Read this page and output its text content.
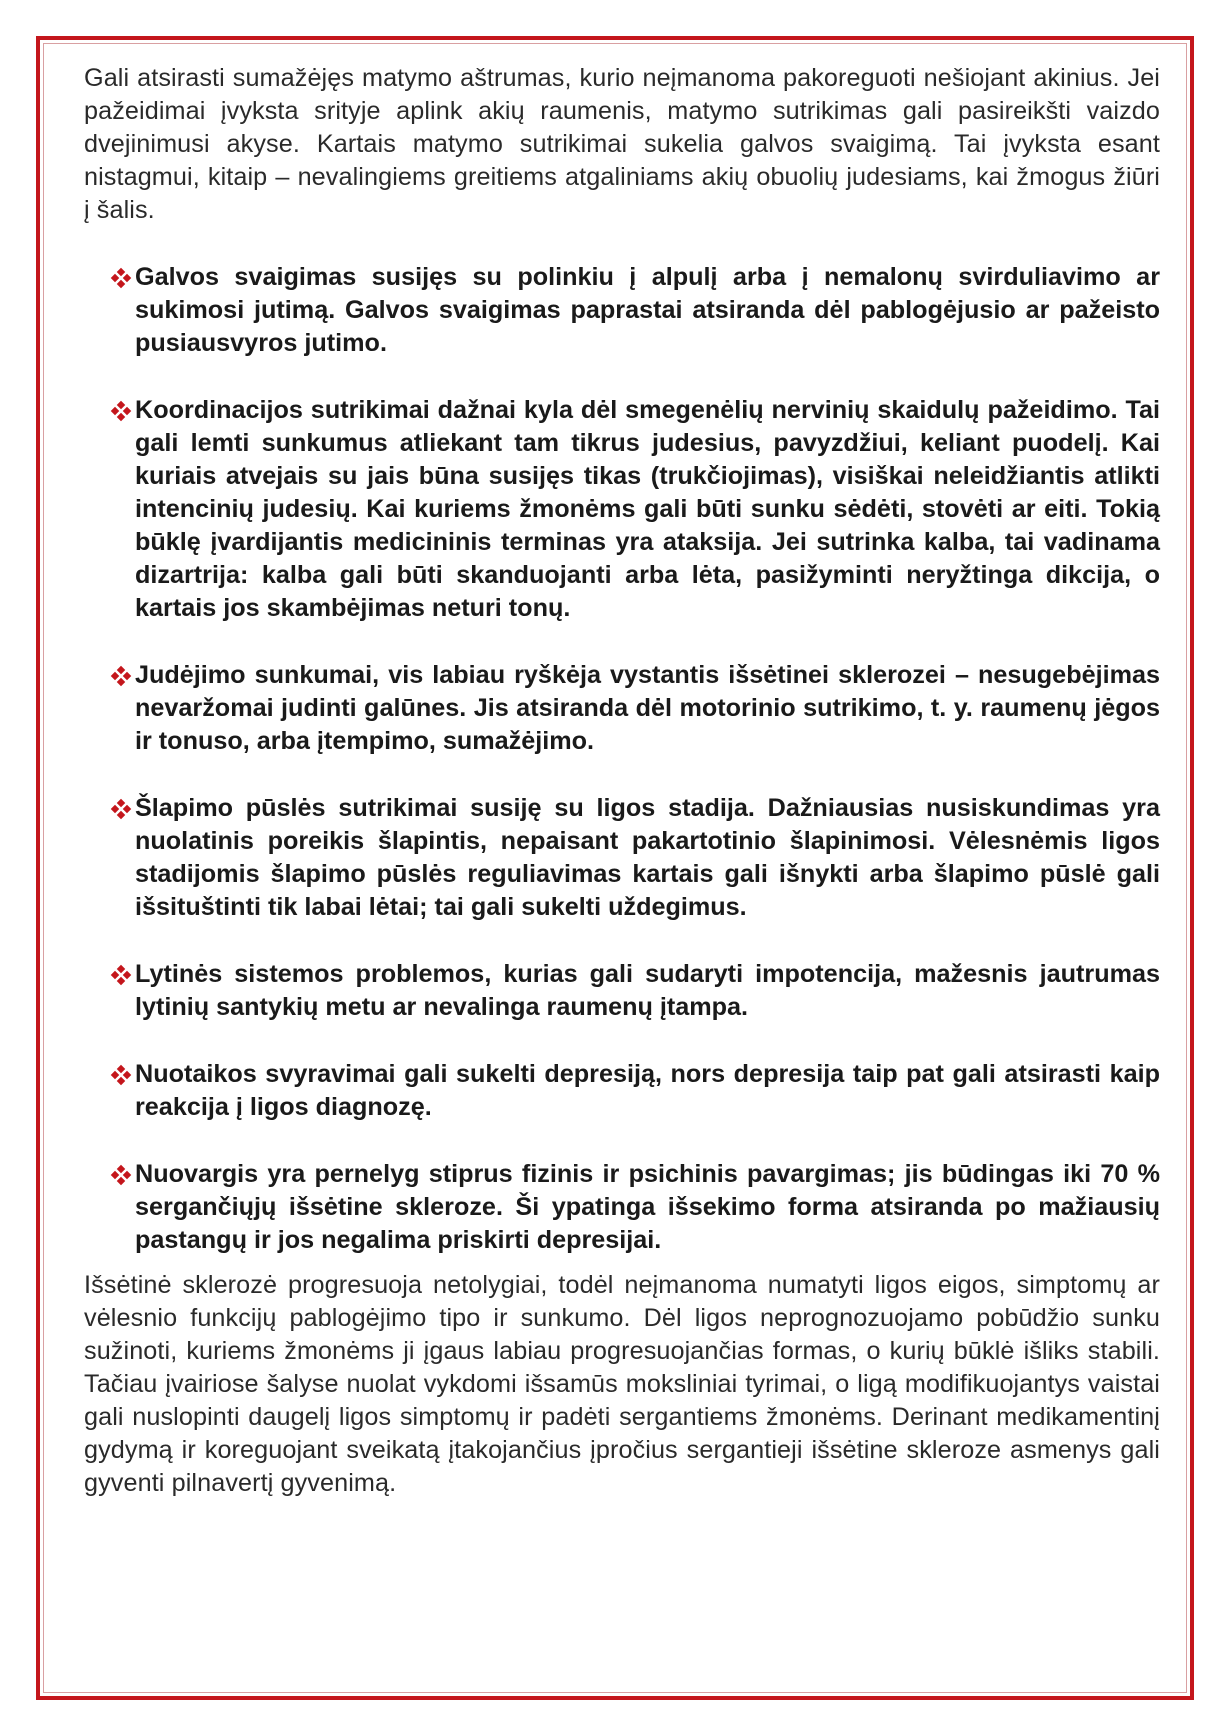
Gali atsirasti sumažėjęs matymo aštrumas, kurio neįmanoma pakoreguoti nešiojant akinius. Jei pažeidimai įvyksta srityje aplink akių raumenis, matymo sutrikimas gali pasireikšti vaizdo dvejinimusi akyse. Kartais matymo sutrikimai sukelia galvos svaigimą. Tai įvyksta esant nistagmui, kitaip – nevalingiems greitiems atgaliniams akių obuolių judesiams, kai žmogus žiūri į šalis.

Galvos svaigimas susijęs su polinkiu į alpulį arba į nemalonų svirduliavimo ar sukimosi jutimą. Galvos svaigimas paprastai atsiranda dėl pablogėjusio ar pažeisto pusiausvyros jutimo.
Koordinacijos sutrikimai dažnai kyla dėl smegenėlių nervinių skaidulų pažeidimo. Tai gali lemti sunkumus atliekant tam tikrus judesius, pavyzdžiui, keliant puodelį. Kai kuriais atvejais su jais būna susijęs tikas (trukčiojimas), visiškai neleidžiantis atlikti intencinių judesių. Kai kuriems žmonėms gali būti sunku sėdėti, stovėti ar eiti. Tokią būklę įvardijantis medicininis terminas yra ataksija. Jei sutrinka kalba, tai vadinama dizartrija: kalba gali būti skanduojanti arba lėta, pasižyminti neryžtinga dikcija, o kartais jos skambėjimas neturi tonų.
Judėjimo sunkumai, vis labiau ryškėja vystantis išsėtinei sklerozei – nesugebėjimas nevaržomai judinti galūnes. Jis atsiranda dėl motorinio sutrikimo, t. y. raumenų jėgos ir tonuso, arba įtempimo, sumažėjimo.
Šlapimo pūslės sutrikimai susiję su ligos stadija. Dažniausias nusiskundimas yra nuolatinis poreikis šlapintis, nepaisant pakartotinio šlapinimosi. Vėlesnėmis ligos stadijomis šlapimo pūslės reguliavimas kartais gali išnykti arba šlapimo pūslė gali išsituštinti tik labai lėtai; tai gali sukelti uždegimus.
Lytinės sistemos problemos, kurias gali sudaryti impotencija, mažesnis jautrumas lytinių santykių metu ar nevalinga raumenų įtampa.
Nuotaikos svyravimai gali sukelti depresiją, nors depresija taip pat gali atsirasti kaip reakcija į ligos diagnozę.
Nuovargis yra pernelyg stiprus fizinis ir psichinis pavargimas; jis būdingas iki 70 % sergančiųjų išsėtine skleroze. Ši ypatinga išsekimo forma atsiranda po mažiausių pastangų ir jos negalima priskirti depresijai.

Išsėtinė sklerozė progresuoja netolygiai, todėl neįmanoma numatyti ligos eigos, simptomų ar vėlesnio funkcijų pablogėjimo tipo ir sunkumo. Dėl ligos neprognozuojamo pobūdžio sunku sužinoti, kuriems žmonėms ji įgaus labiau progresuojančias formas, o kurių būklė išliks stabili. Tačiau įvairiose šalyse nuolat vykdomi išsamūs moksliniai tyrimai, o ligą modifikuojantys vaistai gali nuslopinti daugelį ligos simptomų ir padėti sergantiems žmonėms. Derinant medikamentinį gydymą ir koreguojant sveikatą įtakojančius įpročius sergantieji išsėtine skleroze asmenys gali gyventi pilnavertį gyvenimą.
